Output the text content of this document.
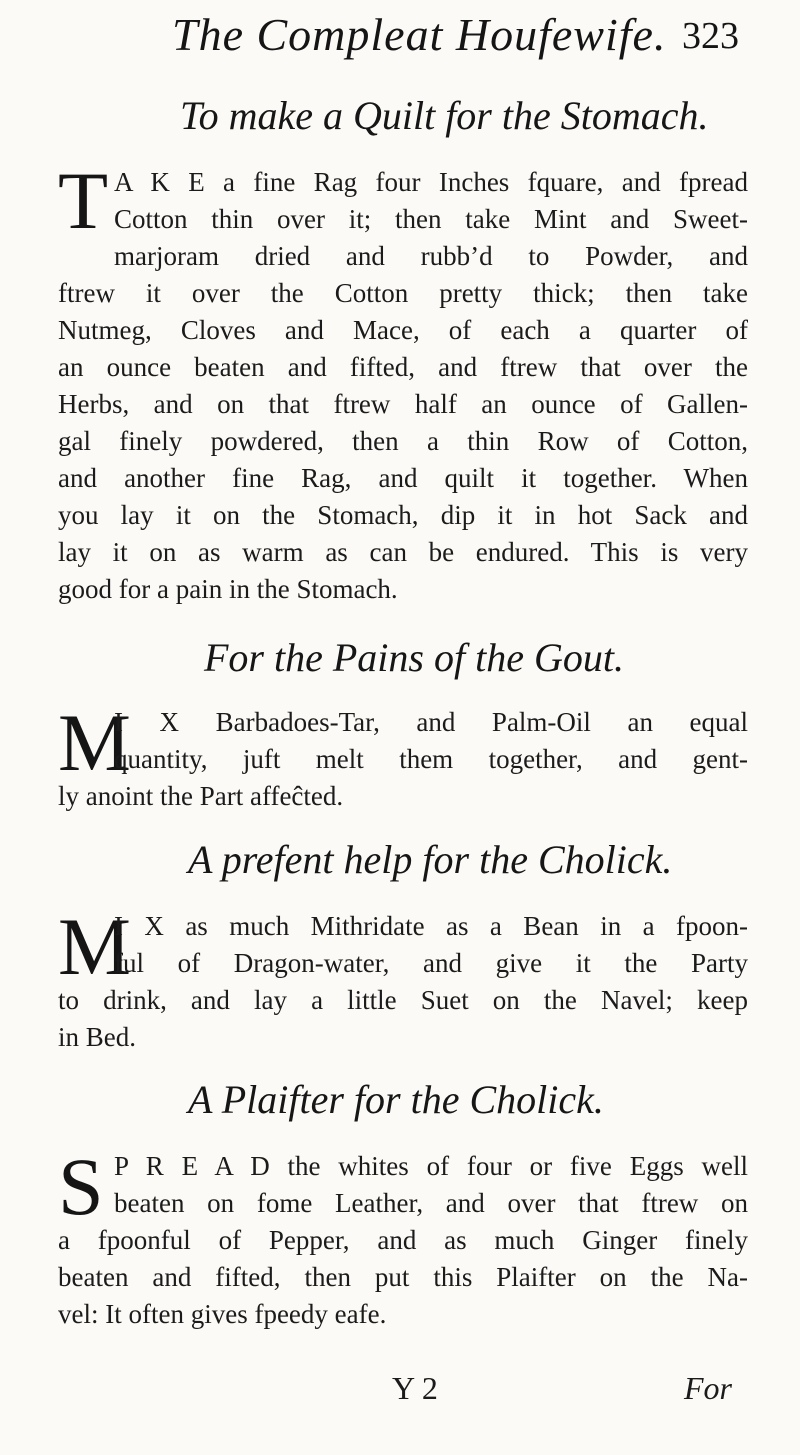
The Compleat Houfewife. 323
To make a Quilt for the Stomach.
T A K E a fine Rag four Inches fquare, and fpread
Cotton thin over it; then take Mint and Sweet-
marjoram dried and rubb’d to Powder, and
ftrew it over the Cotton pretty thick; then take
Nutmeg, Cloves and Mace, of each a quarter of
an ounce beaten and fifted, and ftrew that over the
Herbs, and on that ftrew half an ounce of Gallen-
gal finely powdered, then a thin Row of Cotton,
and another fine Rag, and quilt it together. When
you lay it on the Stomach, dip it in hot Sack and
lay it on as warm as can be endured. This is very
good for a pain in the Stomach.
For the Pains of the Gout.
M
I X Barbadoes-Tar, and Palm-Oil an equal
quantity, juft melt them together, and gent-
ly anoint the Part affeĉted.
A prefent help for the Cholick.
M
I X as much Mithridate as a Bean in a fpoon-
ful of Dragon-water, and give it the Party
to drink, and lay a little Suet on the Navel; keep
in Bed.
A Plaifter for the Cholick.
S P R E A D the whites of four or five Eggs well
beaten on fome Leather, and over that ftrew on
a fpoonful of Pepper, and as much Ginger finely
beaten and fifted, then put this Plaifter on the Na-
vel: It often gives fpeedy eafe.
Y 2	For
